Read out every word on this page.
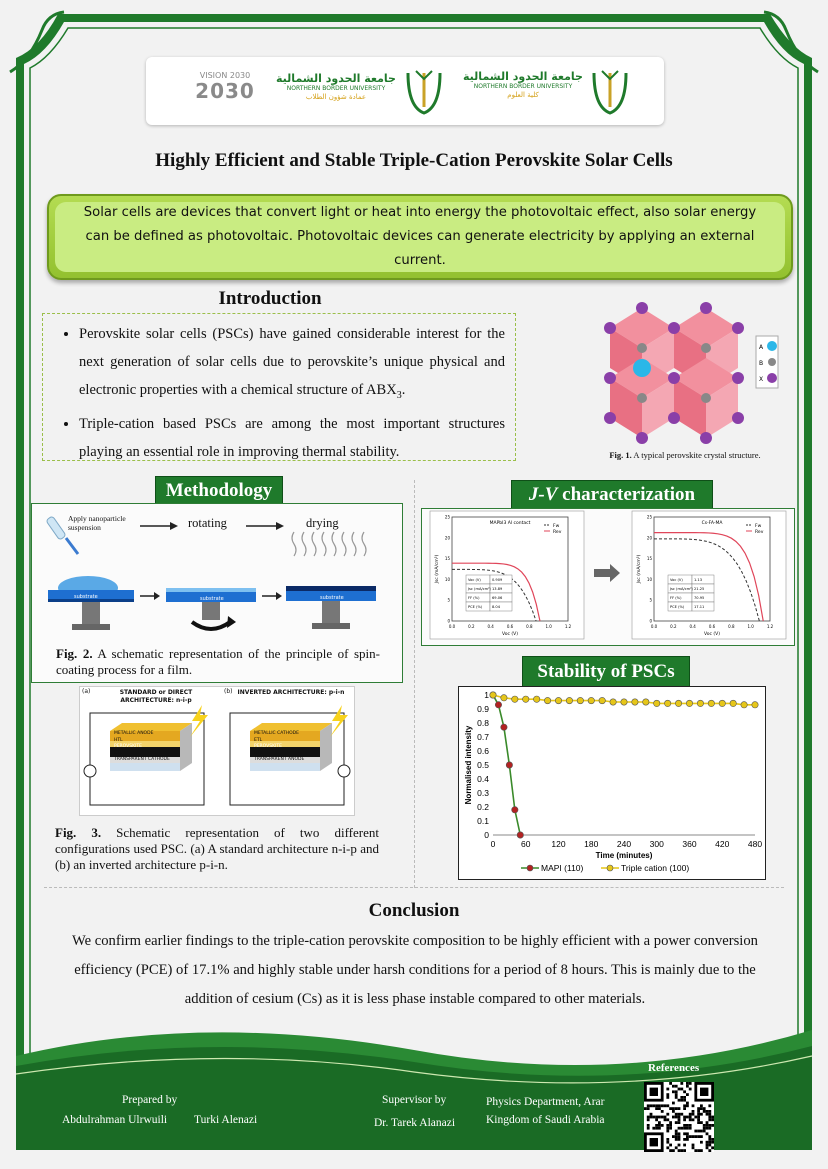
VISION 2030
2030
جامعة الحدود الشمالية
NORTHERN BORDER UNIVERSITY
عمادة شؤون الطلاب
جامعة الحدود الشمالية
NORTHERN BORDER UNIVERSITY
كلية العلوم
Highly Efficient and Stable Triple-Cation Perovskite Solar Cells
Solar cells are devices that convert light or heat into energy the photovoltaic effect, also solar energy can be defined as photovoltaic. Photovoltaic devices can generate electricity by applying an external current.
Introduction
• Perovskite solar cells (PSCs) have gained considerable interest for the next generation of solar cells due to perovskite’s unique physical and electronic properties with a chemical structure of $ABX_3$.
• Triple-cation based PSCs are among the most important structures playing an essential role in improving thermal stability.
A
B
X
Fig. 1. A typical perovskite crystal structure.
Methodology
substrate	substrate	substrate
Apply nanoparticle suspension	rotating	drying
Fig. 2. A schematic representation of the principle of spin-coating process for a film.
(a)	STANDARD or DIRECT ARCHITECTURE: n-i-p
(b) INVERTED ARCHITECTURE: p-i-n
METALLIC ANODE
HTL
PEROVSKITE
ETL
TRANSPARENT CATHODE
METALLIC CATHODE
ETL
PEROVSKITE
HTL
TRANSPARENT ANODE
Fig. 3. Schematic representation of two different configurations used PSC. (a) A standard architecture n-i-p and (b) an inverted architecture p-i-n.
J-V characterization
MAPbI3 Al contact
Fw
Rev
0.0	0.2	0.4	0.6	0.8	1.0	1.2
0
5
10
15
20
25
Voc (V)
Jsc (mA/cm²)	Voc (V)	0.909
Jsc (mA/cm²) 13.89
FF (%)	69.06
PCE (%)	8.04
Cs-FA-MA
Fw
Rev
0.0	0.2	0.4	0.6	0.8	1.0	1.2
0
5
10
15
20
25
Voc (V)
Jsc (mA/cm²)	Voc (V)	1.13
Jsc (mA/cm²) 21.25
FF (%)	70.95
PCE (%)	17.11
Stability of PSCs
0	60 120 180 240 300 360 420 480
0
0.1
0.2
0.3
0.4
0.5
0.6
0.7
0.8
0.9
1
Time (minutes)
Normalised intensity
MAPI (110)	Triple cation (100)
Conclusion
We confirm earlier findings to the triple-cation perovskite composition to be highly efficient with a power conversion efficiency (PCE) of 17.1% and highly stable under harsh conditions for a period of 8 hours. This is mainly due to the addition of cesium (Cs) as it is less phase instable compared to other materials.
Prepared by
Abdulrahman Ulrwuili Turki Alenazi
Supervisor by
Dr. Tarek Alanazi
Physics Department, Arar
Kingdom of Saudi Arabia
References
